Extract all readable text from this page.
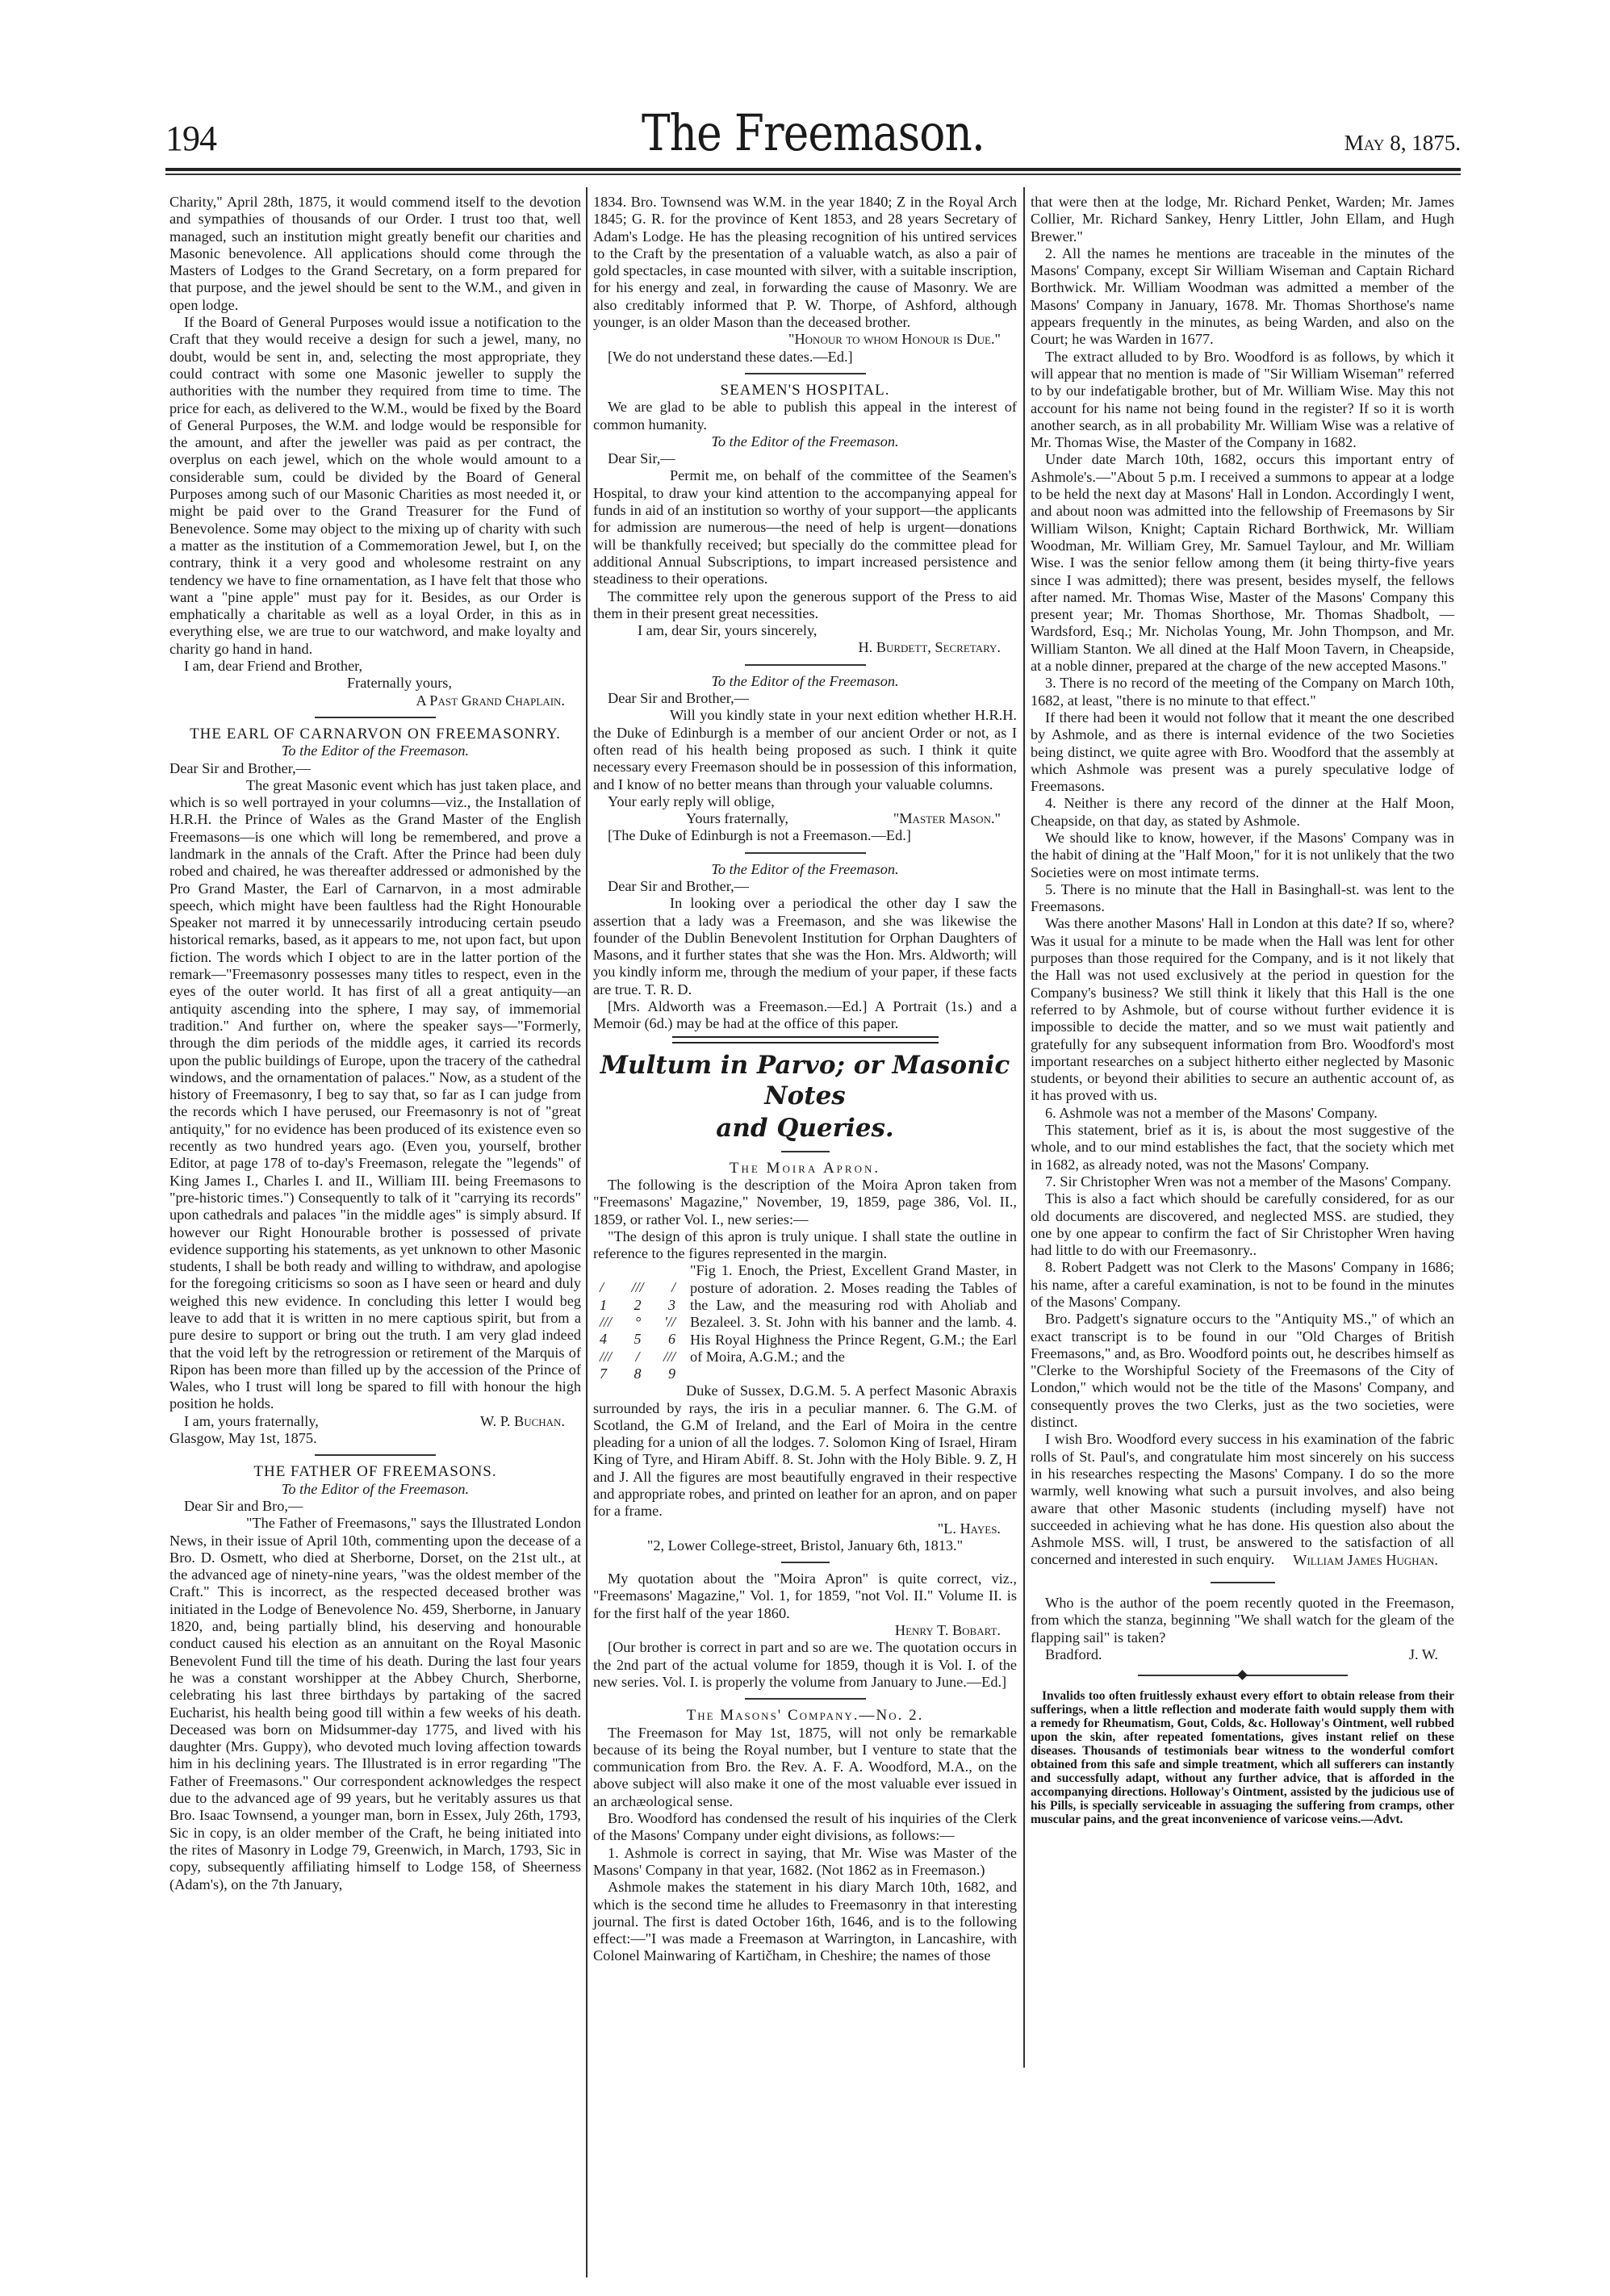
194	The Freemason.	May 8, 1875.

Charity," April 28th, 1875, it would commend itself to the devotion and sympathies of thousands of our Order. I trust too that, well managed, such an institution might greatly benefit our charities and Masonic benevolence. All applications should come through the Masters of Lodges to the Grand Secretary, on a form prepared for that purpose, and the jewel should be sent to the W.M., and given in open lodge.

If the Board of General Purposes would issue a notification to the Craft that they would receive a design for such a jewel, many, no doubt, would be sent in, and, selecting the most appropriate, they could contract with some one Masonic jeweller to supply the authorities with the number they required from time to time. The price for each, as delivered to the W.M., would be fixed by the Board of General Purposes, the W.M. and lodge would be responsible for the amount, and after the jeweller was paid as per contract, the overplus on each jewel, which on the whole would amount to a considerable sum, could be divided by the Board of General Purposes among such of our Masonic Charities as most needed it, or might be paid over to the Grand Treasurer for the Fund of Benevolence. Some may object to the mixing up of charity with such a matter as the institution of a Commemoration Jewel, but I, on the contrary, think it a very good and wholesome restraint on any tendency we have to fine ornamentation, as I have felt that those who want a "pine apple" must pay for it. Besides, as our Order is emphatically a charitable as well as a loyal Order, in this as in everything else, we are true to our watchword, and make loyalty and charity go hand in hand.

I am, dear Friend and Brother,

Fraternally yours,

A Past Grand Chaplain.

THE EARL OF CARNARVON ON FREEMASONRY.

To the Editor of the Freemason.

Dear Sir and Brother,—

The great Masonic event which has just taken place, and which is so well portrayed in your columns—viz., the Installation of H.R.H. the Prince of Wales as the Grand Master of the English Freemasons—is one which will long be remembered, and prove a landmark in the annals of the Craft. After the Prince had been duly robed and chaired, he was thereafter addressed or admonished by the Pro Grand Master, the Earl of Carnarvon, in a most admirable speech, which might have been faultless had the Right Honourable Speaker not marred it by unnecessarily introducing certain pseudo historical remarks, based, as it appears to me, not upon fact, but upon fiction. The words which I object to are in the latter portion of the remark—"Freemasonry possesses many titles to respect, even in the eyes of the outer world. It has first of all a great antiquity—an antiquity ascending into the sphere, I may say, of immemorial tradition." And further on, where the speaker says—"Formerly, through the dim periods of the middle ages, it carried its records upon the public buildings of Europe, upon the tracery of the cathedral windows, and the ornamentation of palaces." Now, as a student of the history of Freemasonry, I beg to say that, so far as I can judge from the records which I have perused, our Freemasonry is not of "great antiquity," for no evidence has been produced of its existence even so recently as two hundred years ago. (Even you, yourself, brother Editor, at page 178 of to-day's Freemason, relegate the "legends" of King James I., Charles I. and II., William III. being Freemasons to "pre-historic times.") Consequently to talk of it "carrying its records" upon cathedrals and palaces "in the middle ages" is simply absurd. If however our Right Honourable brother is possessed of private evidence supporting his statements, as yet unknown to other Masonic students, I shall be both ready and willing to withdraw, and apologise for the foregoing criticisms so soon as I have seen or heard and duly weighed this new evidence. In concluding this letter I would beg leave to add that it is written in no mere captious spirit, but from a pure desire to support or bring out the truth. I am very glad indeed that the void left by the retrogression or retirement of the Marquis of Ripon has been more than filled up by the accession of the Prince of Wales, who I trust will long be spared to fill with honour the high position he holds.

I am, yours fraternally,	W. P. Buchan.

Glasgow, May 1st, 1875.

THE FATHER OF FREEMASONS.

To the Editor of the Freemason.

Dear Sir and Bro,—

"The Father of Freemasons," says the Illustrated London News, in their issue of April 10th, commenting upon the decease of a Bro. D. Osmett, who died at Sherborne, Dorset, on the 21st ult., at the advanced age of ninety-nine years, "was the oldest member of the Craft." This is incorrect, as the respected deceased brother was initiated in the Lodge of Benevolence No. 459, Sherborne, in January 1820, and, being partially blind, his deserving and honourable conduct caused his election as an annuitant on the Royal Masonic Benevolent Fund till the time of his death. During the last four years he was a constant worshipper at the Abbey Church, Sherborne, celebrating his last three birthdays by partaking of the sacred Eucharist, his health being good till within a few weeks of his death. Deceased was born on Midsummer-day 1775, and lived with his daughter (Mrs. Guppy), who devoted much loving affection towards him in his declining years. The Illustrated is in error regarding "The Father of Freemasons." Our correspondent acknowledges the respect due to the advanced age of 99 years, but he veritably assures us that Bro. Isaac Townsend, a younger man, born in Essex, July 26th, 1793, Sic in copy, is an older member of the Craft, he being initiated into the rites of Masonry in Lodge 79, Greenwich, in March, 1793, Sic in copy, subsequently affiliating himself to Lodge 158, of Sheerness (Adam's), on the 7th January,

1834. Bro. Townsend was W.M. in the year 1840; Z in the Royal Arch 1845; G. R. for the province of Kent 1853, and 28 years Secretary of Adam's Lodge. He has the pleasing recognition of his untired services to the Craft by the presentation of a valuable watch, as also a pair of gold spectacles, in case mounted with silver, with a suitable inscription, for his energy and zeal, in forwarding the cause of Masonry. We are also creditably informed that P. W. Thorpe, of Ashford, although younger, is an older Mason than the deceased brother.

"Honour to whom Honour is Due."

[We do not understand these dates.—Ed.]

SEAMEN'S HOSPITAL.

We are glad to be able to publish this appeal in the interest of common humanity.

To the Editor of the Freemason.

Dear Sir,—

Permit me, on behalf of the committee of the Seamen's Hospital, to draw your kind attention to the accompanying appeal for funds in aid of an institution so worthy of your support—the applicants for admission are numerous—the need of help is urgent—donations will be thankfully received; but specially do the committee plead for additional Annual Subscriptions, to impart increased persistence and steadiness to their operations.

The committee rely upon the generous support of the Press to aid them in their present great necessities.

I am, dear Sir, yours sincerely,

H. Burdett, Secretary.

To the Editor of the Freemason.

Dear Sir and Brother,—

Will you kindly state in your next edition whether H.R.H. the Duke of Edinburgh is a member of our ancient Order or not, as I often read of his health being proposed as such. I think it quite necessary every Freemason should be in possession of this information, and I know of no better means than through your valuable columns.

Your early reply will oblige,

Yours fraternally,	"Master Mason."

[The Duke of Edinburgh is not a Freemason.—Ed.]

To the Editor of the Freemason.

Dear Sir and Brother,—

In looking over a periodical the other day I saw the assertion that a lady was a Freemason, and she was likewise the founder of the Dublin Benevolent Institution for Orphan Daughters of Masons, and it further states that she was the Hon. Mrs. Aldworth; will you kindly inform me, through the medium of your paper, if these facts are true. T. R. D.

[Mrs. Aldworth was a Freemason.—Ed.] A Portrait (1s.) and a Memoir (6d.) may be had at the office of this paper.

Multum in Parvo; or Masonic Notes

and Queries.

The Moira Apron.

The following is the description of the Moira Apron taken from "Freemasons' Magazine," November, 19, 1859, page 386, Vol. II., 1859, or rather Vol. I., new series:—

"The design of this apron is truly unique. I shall state the outline in reference to the figures represented in the margin.

/ /// /
1 2 3
/// ° '//
4 5 6
/// / ///
7 8 9

"Fig 1. Enoch, the Priest, Excellent Grand Master, in posture of adoration. 2. Moses reading the Tables of the Law, and the measuring rod with Aholiab and Bezaleel. 3. St. John with his banner and the lamb. 4. His Royal Highness the Prince Regent, G.M.; the Earl of Moira, A.G.M.; and the

Duke of Sussex, D.G.M. 5. A perfect Masonic Abraxis surrounded by rays, the iris in a peculiar manner. 6. The G.M. of Scotland, the G.M of Ireland, and the Earl of Moira in the centre pleading for a union of all the lodges. 7. Solomon King of Israel, Hiram King of Tyre, and Hiram Abiff. 8. St. John with the Holy Bible. 9. Z, H and J. All the figures are most beautifully engraved in their respective and appropriate robes, and printed on leather for an apron, and on paper for a frame.

"L. Hayes.

"2, Lower College-street, Bristol, January 6th, 1813."

My quotation about the "Moira Apron" is quite correct, viz., "Freemasons' Magazine," Vol. 1, for 1859, "not Vol. II." Volume II. is for the first half of the year 1860.

Henry T. Bobart.

[Our brother is correct in part and so are we. The quotation occurs in the 2nd part of the actual volume for 1859, though it is Vol. I. of the new series. Vol. I. is properly the volume from January to June.—Ed.]

The Masons' Company.—No. 2.

The Freemason for May 1st, 1875, will not only be remarkable because of its being the Royal number, but I venture to state that the communication from Bro. the Rev. A. F. A. Woodford, M.A., on the above subject will also make it one of the most valuable ever issued in an archæological sense.

Bro. Woodford has condensed the result of his inquiries of the Clerk of the Masons' Company under eight divisions, as follows:—

1. Ashmole is correct in saying, that Mr. Wise was Master of the Masons' Company in that year, 1682. (Not 1862 as in Freemason.)

Ashmole makes the statement in his diary March 10th, 1682, and which is the second time he alludes to Freemasonry in that interesting journal. The first is dated October 16th, 1646, and is to the following effect:—"I was made a Freemason at Warrington, in Lancashire, with Colonel Mainwaring of Kartičham, in Cheshire; the names of those

that were then at the lodge, Mr. Richard Penket, Warden; Mr. James Collier, Mr. Richard Sankey, Henry Littler, John Ellam, and Hugh Brewer."

2. All the names he mentions are traceable in the minutes of the Masons' Company, except Sir William Wiseman and Captain Richard Borthwick. Mr. William Woodman was admitted a member of the Masons' Company in January, 1678. Mr. Thomas Shorthose's name appears frequently in the minutes, as being Warden, and also on the Court; he was Warden in 1677.

The extract alluded to by Bro. Woodford is as follows, by which it will appear that no mention is made of "Sir William Wiseman" referred to by our indefatigable brother, but of Mr. William Wise. May this not account for his name not being found in the register? If so it is worth another search, as in all probability Mr. William Wise was a relative of Mr. Thomas Wise, the Master of the Company in 1682.

Under date March 10th, 1682, occurs this important entry of Ashmole's.—"About 5 p.m. I received a summons to appear at a lodge to be held the next day at Masons' Hall in London. Accordingly I went, and about noon was admitted into the fellowship of Freemasons by Sir William Wilson, Knight; Captain Richard Borthwick, Mr. William Woodman, Mr. William Grey, Mr. Samuel Taylour, and Mr. William Wise. I was the senior fellow among them (it being thirty-five years since I was admitted); there was present, besides myself, the fellows after named. Mr. Thomas Wise, Master of the Masons' Company this present year; Mr. Thomas Shorthose, Mr. Thomas Shadbolt, —Wardsford, Esq.; Mr. Nicholas Young, Mr. John Thompson, and Mr. William Stanton. We all dined at the Half Moon Tavern, in Cheapside, at a noble dinner, prepared at the charge of the new accepted Masons."

3. There is no record of the meeting of the Company on March 10th, 1682, at least, "there is no minute to that effect."

If there had been it would not follow that it meant the one described by Ashmole, and as there is internal evidence of the two Societies being distinct, we quite agree with Bro. Woodford that the assembly at which Ashmole was present was a purely speculative lodge of Freemasons.

4. Neither is there any record of the dinner at the Half Moon, Cheapside, on that day, as stated by Ashmole.

We should like to know, however, if the Masons' Company was in the habit of dining at the "Half Moon," for it is not unlikely that the two Societies were on most intimate terms.

5. There is no minute that the Hall in Basinghall-st. was lent to the Freemasons.

Was there another Masons' Hall in London at this date? If so, where? Was it usual for a minute to be made when the Hall was lent for other purposes than those required for the Company, and is it not likely that the Hall was not used exclusively at the period in question for the Company's business? We still think it likely that this Hall is the one referred to by Ashmole, but of course without further evidence it is impossible to decide the matter, and so we must wait patiently and gratefully for any subsequent information from Bro. Woodford's most important researches on a subject hitherto either neglected by Masonic students, or beyond their abilities to secure an authentic account of, as it has proved with us.

6. Ashmole was not a member of the Masons' Company.

This statement, brief as it is, is about the most suggestive of the whole, and to our mind establishes the fact, that the society which met in 1682, as already noted, was not the Masons' Company.

7. Sir Christopher Wren was not a member of the Masons' Company.

This is also a fact which should be carefully considered, for as our old documents are discovered, and neglected MSS. are studied, they one by one appear to confirm the fact of Sir Christopher Wren having had little to do with our Freemasonry..

8. Robert Padgett was not Clerk to the Masons' Company in 1686; his name, after a careful examination, is not to be found in the minutes of the Masons' Company.

Bro. Padgett's signature occurs to the "Antiquity MS.," of which an exact transcript is to be found in our "Old Charges of British Freemasons," and, as Bro. Woodford points out, he describes himself as "Clerke to the Worshipful Society of the Freemasons of the City of London," which would not be the title of the Masons' Company, and consequently proves the two Clerks, just as the two societies, were distinct.

I wish Bro. Woodford every success in his examination of the fabric rolls of St. Paul's, and congratulate him most sincerely on his success in his researches respecting the Masons' Company. I do so the more warmly, well knowing what such a pursuit involves, and also being aware that other Masonic students (including myself) have not succeeded in achieving what he has done. His question also about the Ashmole MSS. will, I trust, be answered to the satisfaction of all concerned and interested in such enquiry.	William James Hughan.

Who is the author of the poem recently quoted in the Freemason, from which the stanza, beginning "We shall watch for the gleam of the flapping sail" is taken?

Bradford.	J. W.

Invalids too often fruitlessly exhaust every effort to obtain release from their sufferings, when a little reflection and moderate faith would supply them with a remedy for Rheumatism, Gout, Colds, &c. Holloway's Ointment, well rubbed upon the skin, after repeated fomentations, gives instant relief on these diseases. Thousands of testimonials bear witness to the wonderful comfort obtained from this safe and simple treatment, which all sufferers can instantly and successfully adapt, without any further advice, that is afforded in the accompanying directions. Holloway's Ointment, assisted by the judicious use of his Pills, is specially serviceable in assuaging the suffering from cramps, other muscular pains, and the great inconvenience of varicose veins.—Advt.
